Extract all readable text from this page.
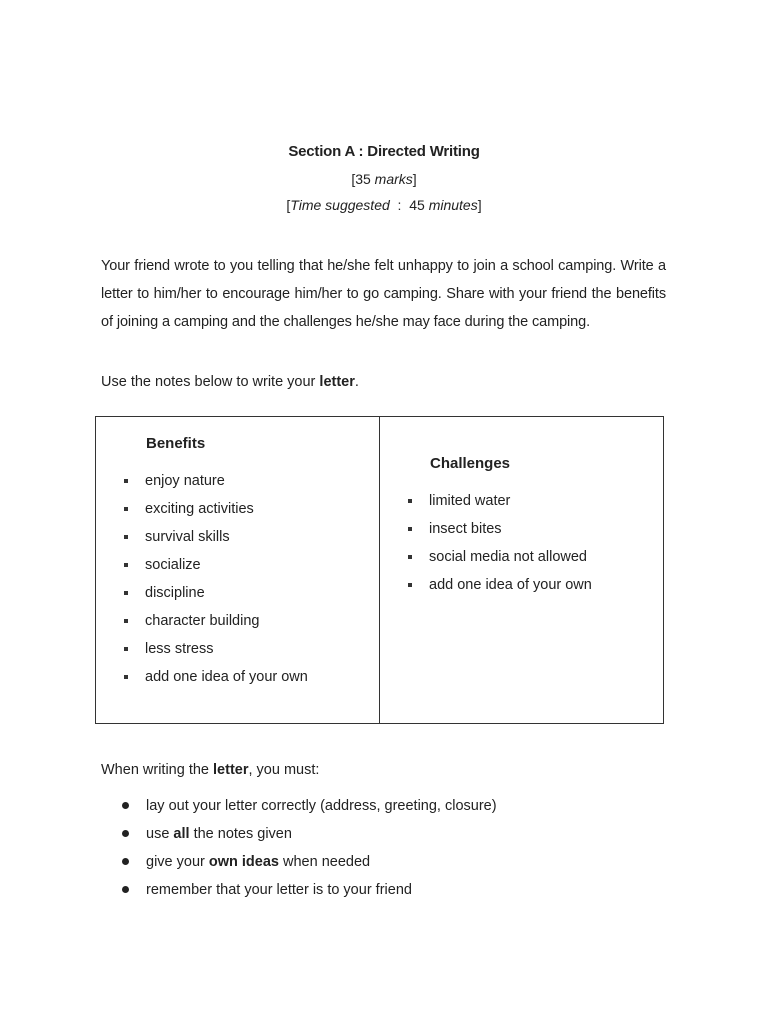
Section A : Directed Writing
[35 marks]
[Time suggested  :  45 minutes]
Your friend wrote to you telling that he/she felt unhappy to join a school camping. Write a letter to him/her to encourage him/her to go camping. Share with your friend the benefits of joining a camping and the challenges he/she may face during the camping.
Use the notes below to write your letter.
Benefits
enjoy nature
exciting activities
survival skills
socialize
discipline
character building
less stress
add one idea of your own
Challenges
limited water
insect bites
social media not allowed
add one idea of your own
When writing the letter, you must:
lay out your letter correctly (address, greeting, closure)
use all the notes given
give your own ideas when needed
remember that your letter is to your friend
